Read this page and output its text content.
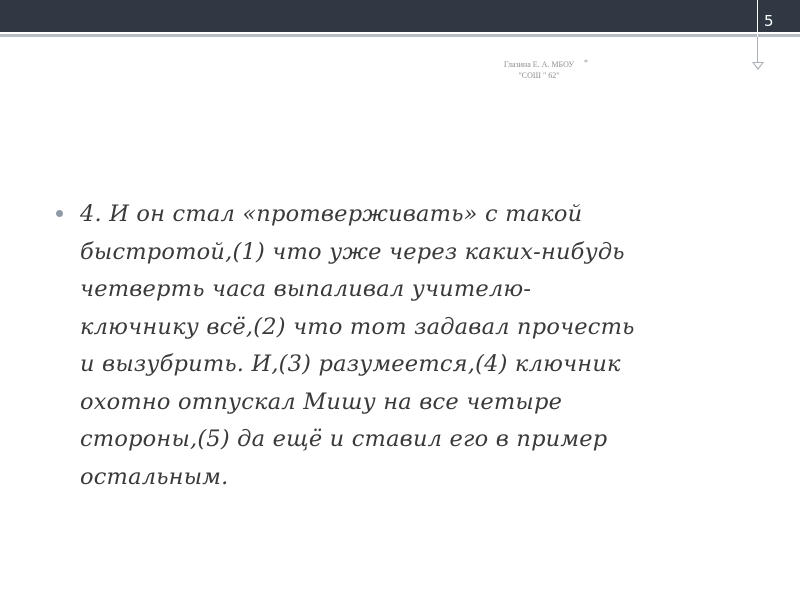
5
Глазина Е. А. МБОУ
"СОШ " 62"
*
4. И он стал «протверживать» с такой
быстротой,(1) что уже через каких-нибудь
четверть часа выпаливал учителю-
ключнику всё,(2) что тот задавал прочесть
и вызубрить. И,(3) разумеется,(4) ключник
охотно отпускал Мишу на все четыре
стороны,(5) да ещё и ставил его в пример
остальным.
